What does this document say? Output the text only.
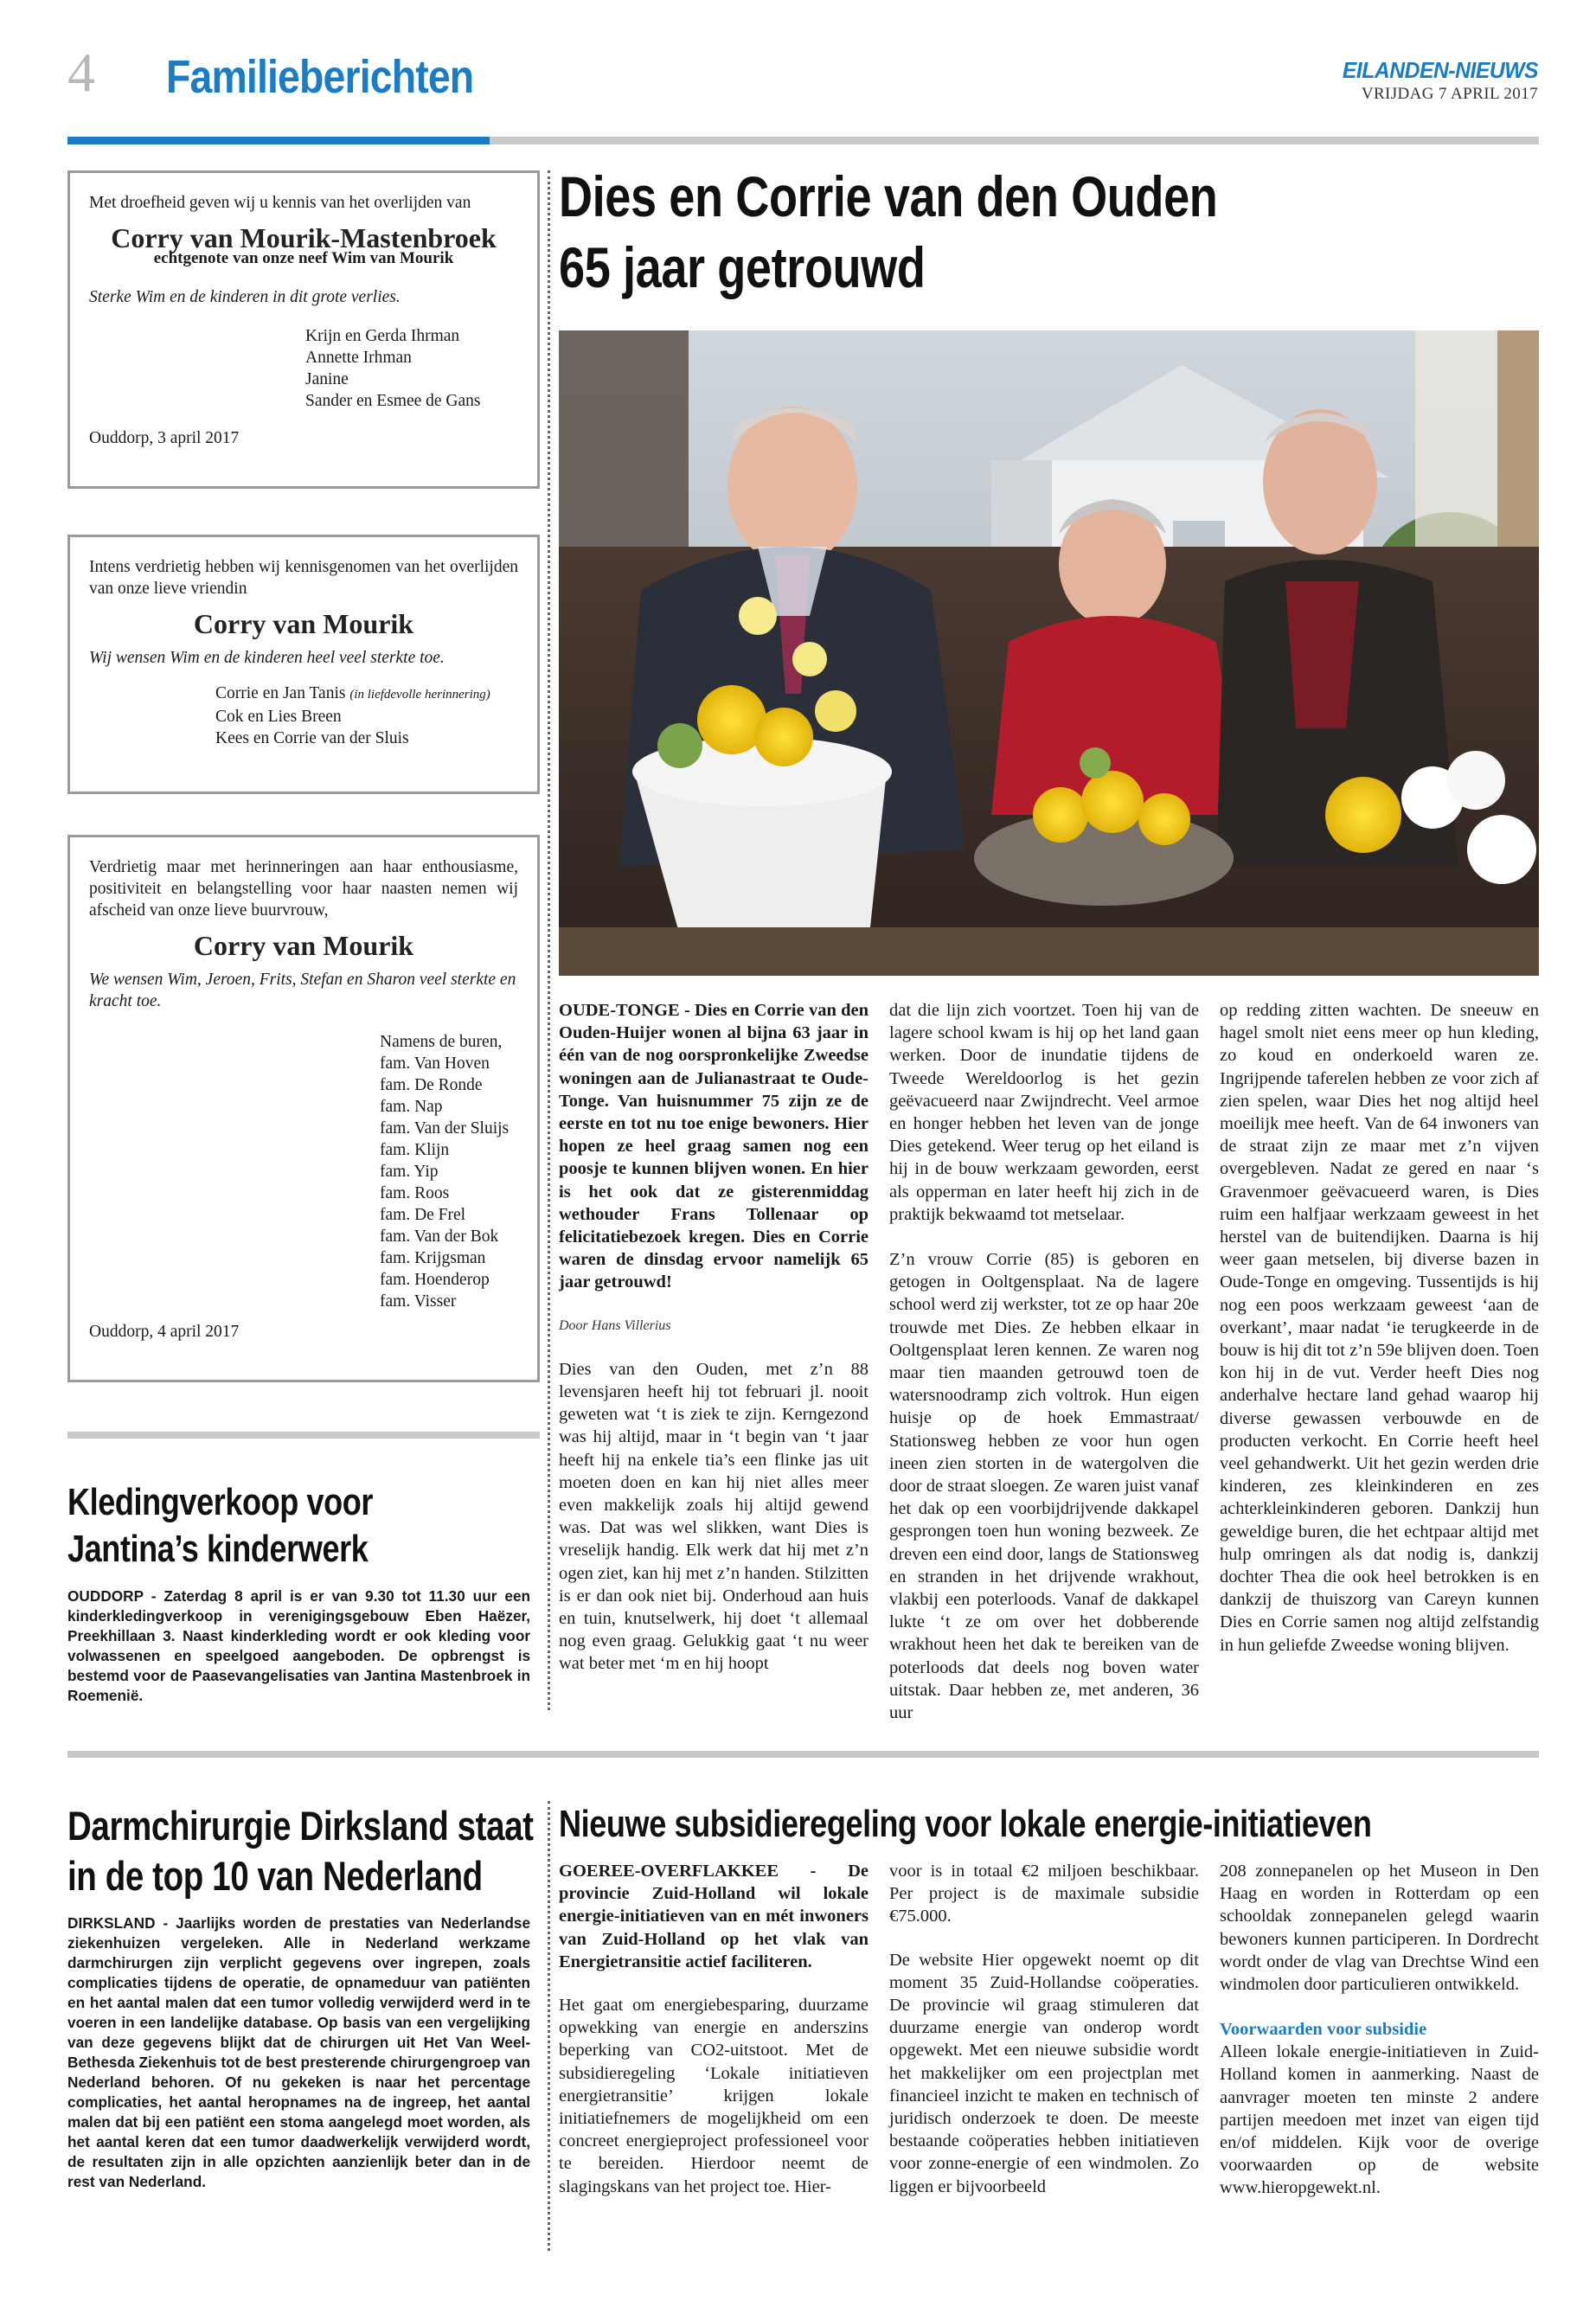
4 Familieberichten	EILANDEN-NIEUWS
VRIJDAG 7 APRIL 2017

Met droefheid geven wij u kennis van het overlijden van

Corry van Mourik-Mastenbroek

echtgenote van onze neef Wim van Mourik

Sterke Wim en de kinderen in dit grote verlies.

Krijn en Gerda Ihrman
Annette Irhman
Janine
Sander en Esmee de Gans

Ouddorp, 3 april 2017

Intens verdrietig hebben wij kennisgenomen van het overlijden van onze lieve vriendin

Corry van Mourik

Wij wensen Wim en de kinderen heel veel sterkte toe.

Corrie en Jan Tanis (in liefdevolle herinnering)
Cok en Lies Breen
Kees en Corrie van der Sluis

Verdrietig maar met herinneringen aan haar enthousiasme, positiviteit en belangstelling voor haar naasten nemen wij afscheid van onze lieve buurvrouw,

Corry van Mourik

We wensen Wim, Jeroen, Frits, Stefan en Sharon veel sterkte en kracht toe.

Namens de buren,
fam. Van Hoven
fam. De Ronde
fam. Nap
fam. Van der Sluijs
fam. Klijn
fam. Yip
fam. Roos
fam. De Frel
fam. Van der Bok
fam. Krijgsman
fam. Hoenderop
fam. Visser

Ouddorp, 4 april 2017

Kledingverkoop voor
Jantina’s kinderwerk
OUDDORP - Zaterdag 8 april is er van 9.30 tot 11.30 uur een kinderkledingverkoop in verenigingsgebouw Eben Haëzer, Preekhillaan 3. Naast kinderkleding wordt er ook kleding voor volwassenen en speelgoed aangeboden. De opbrengst is bestemd voor de Paasevangelisaties van Jantina Mastenbroek in Roemenië.
Dies en Corrie van den Ouden
65 jaar getrouwd

OUDE-TONGE - Dies en Corrie van den Ouden-Huijer wonen al bijna 63 jaar in één van de nog oorspronkelijke Zweedse woningen aan de Julianastraat te Oude-Tonge. Van huisnummer 75 zijn ze de eerste en tot nu toe enige bewoners. Hier hopen ze heel graag samen nog een poosje te kunnen blijven wonen. En hier is het ook dat ze gisterenmiddag wethouder Frans Tollenaar op felicitatiebezoek kregen. Dies en Corrie waren de dinsdag ervoor namelijk 65 jaar getrouwd!

Door Hans Villerius

Dies van den Ouden, met z’n 88 levensjaren heeft hij tot februari jl. nooit geweten wat ‘t is ziek te zijn. Kerngezond was hij altijd, maar in ‘t begin van ‘t jaar heeft hij na enkele tia’s een flinke jas uit moeten doen en kan hij niet alles meer even makkelijk zoals hij altijd gewend was. Dat was wel slikken, want Dies is vreselijk handig. Elk werk dat hij met z’n ogen ziet, kan hij met z’n handen. Stilzitten is er dan ook niet bij. Onderhoud aan huis en tuin, knutselwerk, hij doet ‘t allemaal nog even graag. Gelukkig gaat ‘t nu weer wat beter met ‘m en hij hoopt

dat die lijn zich voortzet. Toen hij van de lagere school kwam is hij op het land gaan werken. Door de inundatie tijdens de Tweede Wereldoorlog is het gezin geëvacueerd naar Zwijndrecht. Veel armoe en honger hebben het leven van de jonge Dies getekend. Weer terug op het eiland is hij in de bouw werkzaam geworden, eerst als opperman en later heeft hij zich in de praktijk bekwaamd tot metselaar.

Z’n vrouw Corrie (85) is geboren en getogen in Ooltgensplaat. Na de lagere school werd zij werkster, tot ze op haar 20e trouwde met Dies. Ze hebben elkaar in Ooltgensplaat leren kennen. Ze waren nog maar tien maanden getrouwd toen de watersnoodramp zich voltrok. Hun eigen huisje op de hoek Emmastraat/ Stationsweg hebben ze voor hun ogen ineen zien storten in de watergolven die door de straat sloegen. Ze waren juist vanaf het dak op een voorbijdrijvende dakkapel gesprongen toen hun woning bezweek. Ze dreven een eind door, langs de Stationsweg en stranden in het drijvende wrakhout, vlakbij een poterloods. Vanaf de dakkapel lukte ‘t ze om over het dobberende wrakhout heen het dak te bereiken van de poterloods dat deels nog boven water uitstak. Daar hebben ze, met anderen, 36 uur

op redding zitten wachten. De sneeuw en hagel smolt niet eens meer op hun kleding, zo koud en onderkoeld waren ze. Ingrijpende taferelen hebben ze voor zich af zien spelen, waar Dies het nog altijd heel moeilijk mee heeft. Van de 64 inwoners van de straat zijn ze maar met z’n vijven overgebleven. Nadat ze gered en naar ‘s Gravenmoer geëvacueerd waren, is Dies ruim een halfjaar werkzaam geweest in het herstel van de buitendijken. Daarna is hij weer gaan metselen, bij diverse bazen in Oude-Tonge en omgeving. Tussentijds is hij nog een poos werkzaam geweest ‘aan de overkant’, maar nadat ‘ie terugkeerde in de bouw is hij dit tot z’n 59e blijven doen. Toen kon hij in de vut. Verder heeft Dies nog anderhalve hectare land gehad waarop hij diverse gewassen verbouwde en de producten verkocht. En Corrie heeft heel veel gehandwerkt. Uit het gezin werden drie kinderen, zes kleinkinderen en zes achterkleinkinderen geboren. Dankzij hun geweldige buren, die het echtpaar altijd met hulp omringen als dat nodig is, dankzij dochter Thea die ook heel betrokken is en dankzij de thuiszorg van Careyn kunnen Dies en Corrie samen nog altijd zelfstandig in hun geliefde Zweedse woning blijven.

Darmchirurgie Dirksland staat
in de top 10 van Nederland
DIRKSLAND - Jaarlijks worden de prestaties van Nederlandse ziekenhuizen vergeleken. Alle in Nederland werkzame darmchirurgen zijn verplicht gegevens over ingrepen, zoals complicaties tijdens de operatie, de opnameduur van patiënten en het aantal malen dat een tumor volledig verwijderd werd in te voeren in een landelijke database. Op basis van een vergelijking van deze gegevens blijkt dat de chirurgen uit Het Van Weel-Bethesda Ziekenhuis tot de best presterende chirurgengroep van Nederland behoren. Of nu gekeken is naar het percentage complicaties, het aantal heropnames na de ingreep, het aantal malen dat bij een patiënt een stoma aangelegd moet worden, als het aantal keren dat een tumor daadwerkelijk verwijderd wordt, de resultaten zijn in alle opzichten aanzienlijk beter dan in de rest van Nederland.
Nieuwe subsidieregeling voor lokale energie-initiatieven

GOEREE-OVERFLAKKEE - De provincie Zuid-Holland wil lokale energie-initiatieven van en mét inwoners van Zuid-Holland op het vlak van Energietransitie actief faciliteren.

Het gaat om energiebesparing, duurzame opwekking van energie en anderszins beperking van CO2-uitstoot. Met de subsidieregeling ‘Lokale initiatieven energietransitie’ krijgen lokale initiatiefnemers de mogelijkheid om een concreet energieproject professioneel voor te bereiden. Hierdoor neemt de slagingskans van het project toe. Hier-

voor is in totaal €2 miljoen beschikbaar. Per project is de maximale subsidie €75.000.

De website Hier opgewekt noemt op dit moment 35 Zuid-Hollandse coöperaties. De provincie wil graag stimuleren dat duurzame energie van onderop wordt opgewekt. Met een nieuwe subsidie wordt het makkelijker om een projectplan met financieel inzicht te maken en technisch of juridisch onderzoek te doen. De meeste bestaande coöperaties hebben initiatieven voor zonne-energie of een windmolen. Zo liggen er bijvoorbeeld

208 zonnepanelen op het Museon in Den Haag en worden in Rotterdam op een schooldak zonnepanelen gelegd waarin bewoners kunnen participeren. In Dordrecht wordt onder de vlag van Drechtse Wind een windmolen door particulieren ontwikkeld.

Voorwaarden voor subsidie

Alleen lokale energie-initiatieven in Zuid-Holland komen in aanmerking. Naast de aanvrager moeten ten minste 2 andere partijen meedoen met inzet van eigen tijd en/of middelen. Kijk voor de overige voorwaarden op de website www.hieropgewekt.nl.
